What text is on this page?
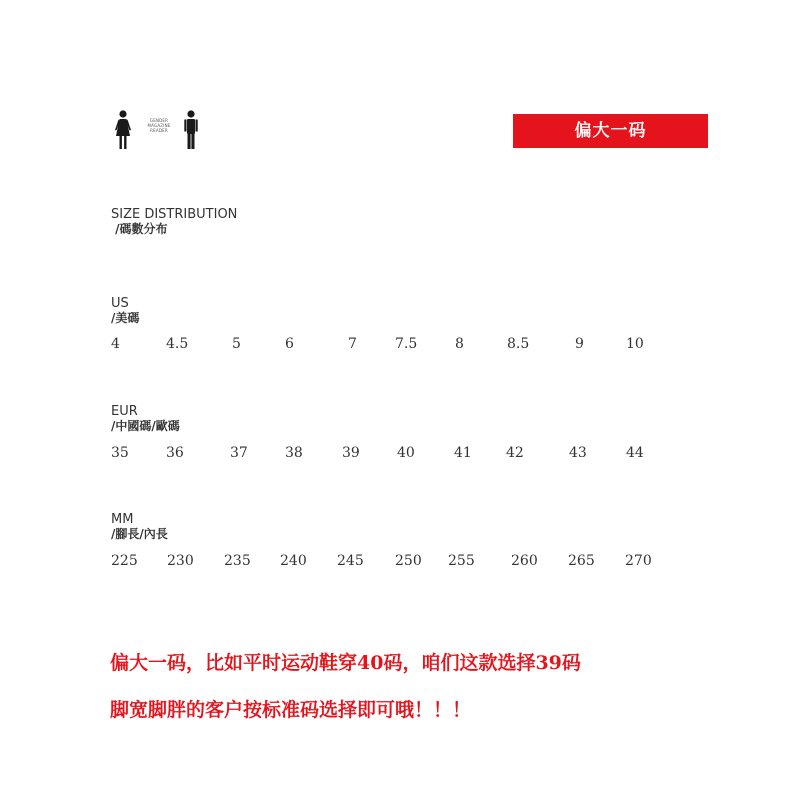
GENDER
MAGAZINE READER	偏大一码
SIZE DISTRIBUTION
/碼數分布
US
/美碼
4	4.5	5	6	7	7.5	8	8.5	9	10
EUR
/中國碼/歐碼
35	36	37	38	39	40	41 42	43	44
MM
/腳長/內長
225 230 235 240 245 250 255	260 265 270
偏大一码，比如平时运动鞋穿40码，咱们这款选择39码
脚宽脚胖的客户按标准码选择即可哦！！！
